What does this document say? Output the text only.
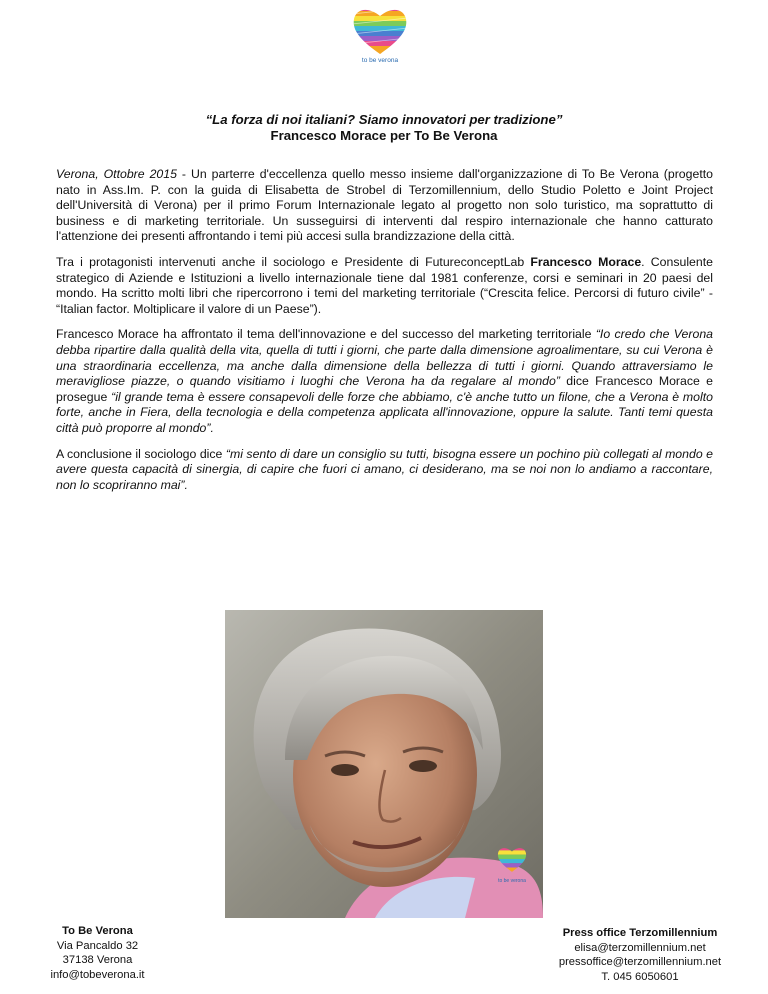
to be verona
“La forza di noi italiani? Siamo innovatori per tradizione”
Francesco Morace per To Be Verona

Verona, Ottobre 2015 - Un parterre d'eccellenza quello messo insieme dall'organizzazione di To Be Verona (progetto nato in Ass.Im. P. con la guida di Elisabetta de Strobel di Terzomillennium, dello Studio Poletto e Joint Project dell'Università di Verona) per il primo Forum Internazionale legato al progetto non solo turistico, ma soprattutto di business e di marketing territoriale. Un susseguirsi di interventi dal respiro internazionale che hanno catturato l'attenzione dei presenti affrontando i temi più accesi sulla brandizzazione della città.

Tra i protagonisti intervenuti anche il sociologo e Presidente di FutureconceptLab Francesco Morace. Consulente strategico di Aziende e Istituzioni a livello internazionale tiene dal 1981 conferenze, corsi e seminari in 20 paesi del mondo. Ha scritto molti libri che ripercorrono i temi del marketing territoriale (“Crescita felice. Percorsi di futuro civile” - “Italian factor. Moltiplicare il valore di un Paese”).

Francesco Morace ha affrontato il tema dell'innovazione e del successo del marketing territoriale “Io credo che Verona debba ripartire dalla qualità della vita, quella di tutti i giorni, che parte dalla dimensione agroalimentare, su cui Verona è una straordinaria eccellenza, ma anche dalla dimensione della bellezza di tutti i giorni. Quando attraversiamo le meravigliose piazze, o quando visitiamo i luoghi che Verona ha da regalare al mondo” dice Francesco Morace e prosegue “il grande tema è essere consapevoli delle forze che abbiamo, c'è anche tutto un filone, che a Verona è molto forte, anche in Fiera, della tecnologia e della competenza applicata all'innovazione, oppure la salute. Tanti temi questa città può proporre al mondo”.

A conclusione il sociologo dice “mi sento di dare un consiglio su tutti, bisogna essere un pochino più collegati al mondo e avere questa capacità di sinergia, di capire che fuori ci amano, ci desiderano, ma se noi non lo andiamo a raccontare, non lo scopriranno mai”.

to be verona
To Be Verona
Via Pancaldo 32
37138 Verona
info@tobeverona.it
Press office Terzomillennium
elisa@terzomillennium.net
pressoffice@terzomillennium.net
T. 045 6050601
